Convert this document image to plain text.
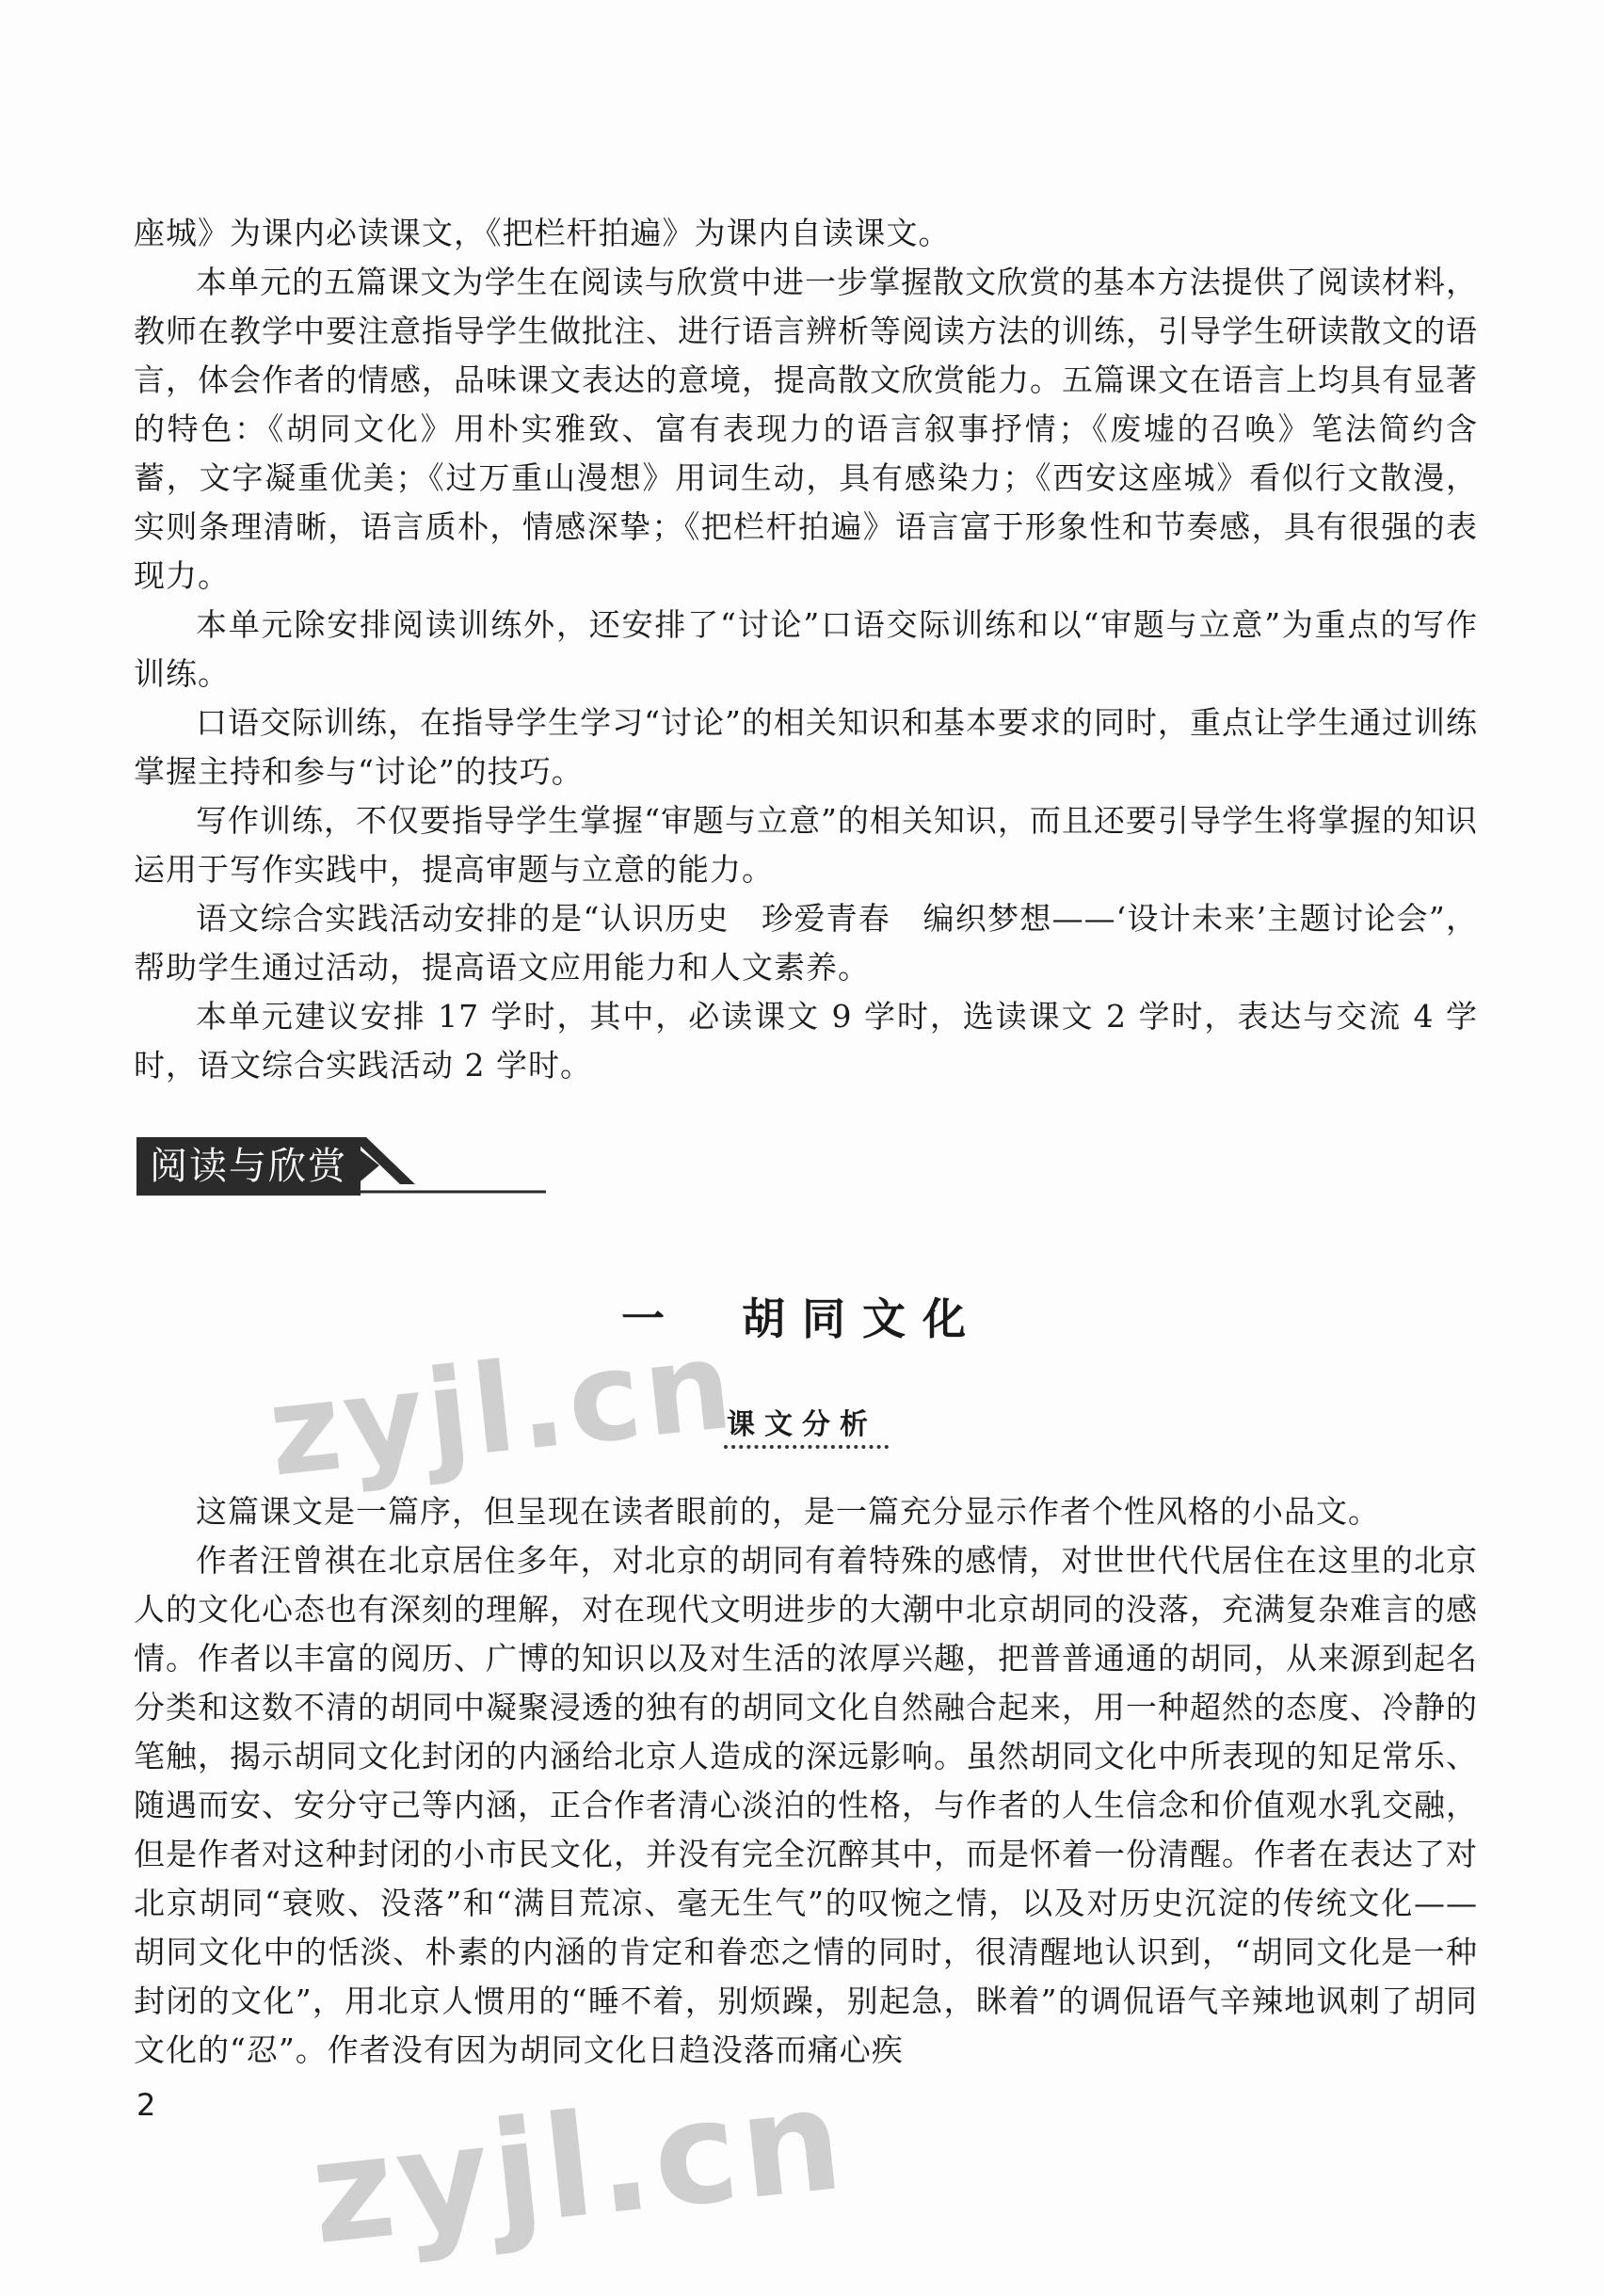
座城》为课内必读课文，《把栏杆拍遍》为课内自读课文。

本单元的五篇课文为学生在阅读与欣赏中进一步掌握散文欣赏的基本方法提供了阅读材料，教师在教学中要注意指导学生做批注、进行语言辨析等阅读方法的训练，引导学生研读散文的语言，体会作者的情感，品味课文表达的意境，提高散文欣赏能力。五篇课文在语言上均具有显著的特色：《胡同文化》用朴实雅致、富有表现力的语言叙事抒情；《废墟的召唤》笔法简约含蓄，文字凝重优美；《过万重山漫想》用词生动，具有感染力；《西安这座城》看似行文散漫，实则条理清晰，语言质朴，情感深挚；《把栏杆拍遍》语言富于形象性和节奏感，具有很强的表现力。

本单元除安排阅读训练外，还安排了“讨论”口语交际训练和以“审题与立意”为重点的写作训练。

口语交际训练，在指导学生学习“讨论”的相关知识和基本要求的同时，重点让学生通过训练掌握主持和参与“讨论”的技巧。

写作训练，不仅要指导学生掌握“审题与立意”的相关知识，而且还要引导学生将掌握的知识运用于写作实践中，提高审题与立意的能力。

语文综合实践活动安排的是“认识历史　珍爱青春　编织梦想——‘设计未来’主题讨论会”，帮助学生通过活动，提高语文应用能力和人文素养。

本单元建议安排 17 学时，其中，必读课文 9 学时，选读课文 2 学时，表达与交流 4 学时，语文综合实践活动 2 学时。

阅读与欣赏
一　胡同文化
课文分析

这篇课文是一篇序，但呈现在读者眼前的，是一篇充分显示作者个性风格的小品文。

作者汪曾祺在北京居住多年，对北京的胡同有着特殊的感情，对世世代代居住在这里的北京人的文化心态也有深刻的理解，对在现代文明进步的大潮中北京胡同的没落，充满复杂难言的感情。作者以丰富的阅历、广博的知识以及对生活的浓厚兴趣，把普普通通的胡同，从来源到起名分类和这数不清的胡同中凝聚浸透的独有的胡同文化自然融合起来，用一种超然的态度、冷静的笔触，揭示胡同文化封闭的内涵给北京人造成的深远影响。虽然胡同文化中所表现的知足常乐、随遇而安、安分守己等内涵，正合作者清心淡泊的性格，与作者的人生信念和价值观水乳交融，但是作者对这种封闭的小市民文化，并没有完全沉醉其中，而是怀着一份清醒。作者在表达了对北京胡同“衰败、没落”和“满目荒凉、毫无生气”的叹惋之情，以及对历史沉淀的传统文化——胡同文化中的恬淡、朴素的内涵的肯定和眷恋之情的同时，很清醒地认识到，“胡同文化是一种封闭的文化”，用北京人惯用的“睡不着，别烦躁，别起急，眯着”的调侃语气辛辣地讽刺了胡同文化的“忍”。作者没有因为胡同文化日趋没落而痛心疾

2
zyjl.cn
zyjl.cn
